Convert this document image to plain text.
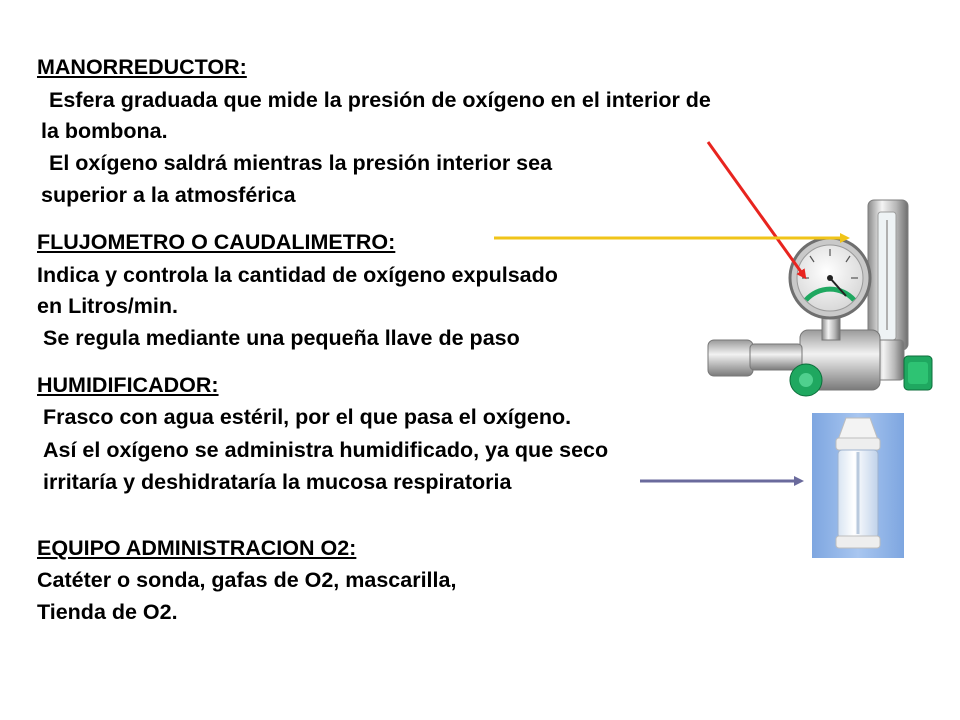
MANORREDUCTOR:
Esfera graduada que mide la presión de oxígeno en el interior de
la bombona.
El oxígeno saldrá mientras la presión interior sea
superior a la atmosférica
FLUJOMETRO O CAUDALIMETRO:
Indica y controla la cantidad de oxígeno expulsado
en Litros/min.
Se regula mediante una pequeña llave de paso
HUMIDIFICADOR:
Frasco con agua estéril, por el que pasa el oxígeno.
Así el oxígeno se administra humidificado, ya que seco
irritaría y deshidrataría la mucosa respiratoria
EQUIPO ADMINISTRACION O2:
Catéter o sonda, gafas de O2, mascarilla,
Tienda de O2.
